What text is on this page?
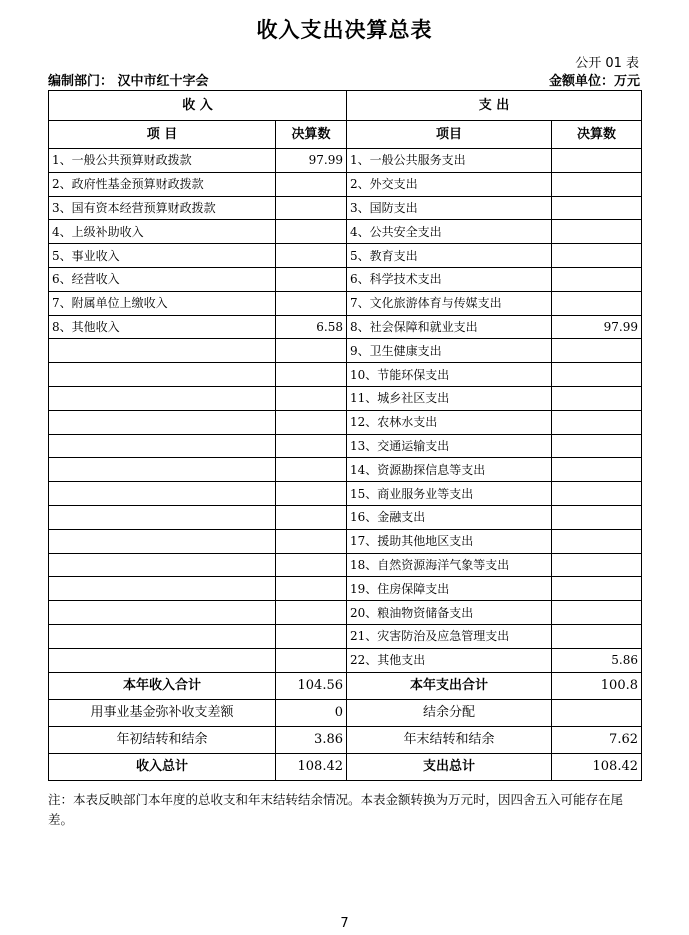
收入支出决算总表
公开 01 表
编制部门： 汉中市红十字会	金额单位：万元
收 入		支 出	
项 目	决算数	项目	决算数
1、一般公共预算财政拨款	97.99	1、一般公共服务支出	
2、政府性基金预算财政拨款		2、外交支出	
3、国有资本经营预算财政拨款		3、国防支出	
4、上级补助收入		4、公共安全支出	
5、事业收入		5、教育支出	
6、经营收入		6、科学技术支出	
7、附属单位上缴收入		7、文化旅游体育与传媒支出	
8、其他收入	6.58	8、社会保障和就业支出	97.99
		9、卫生健康支出	
		10、节能环保支出	
		11、城乡社区支出	
		12、农林水支出	
		13、交通运输支出	
		14、资源勘探信息等支出	
		15、商业服务业等支出	
		16、金融支出	
		17、援助其他地区支出	
		18、自然资源海洋气象等支出	
		19、住房保障支出	
		20、粮油物资储备支出	
		21、灾害防治及应急管理支出	
		22、其他支出	5.86
本年收入合计	104.56	本年支出合计	100.8
用事业基金弥补收支差额	0	结余分配	
年初结转和结余	3.86	年末结转和结余	7.62
收入总计	108.42	支出总计	108.42
注：本表反映部门本年度的总收支和年末结转结余情况。本表金额转换为万元时，因四舍五入可能存在尾差。
7
